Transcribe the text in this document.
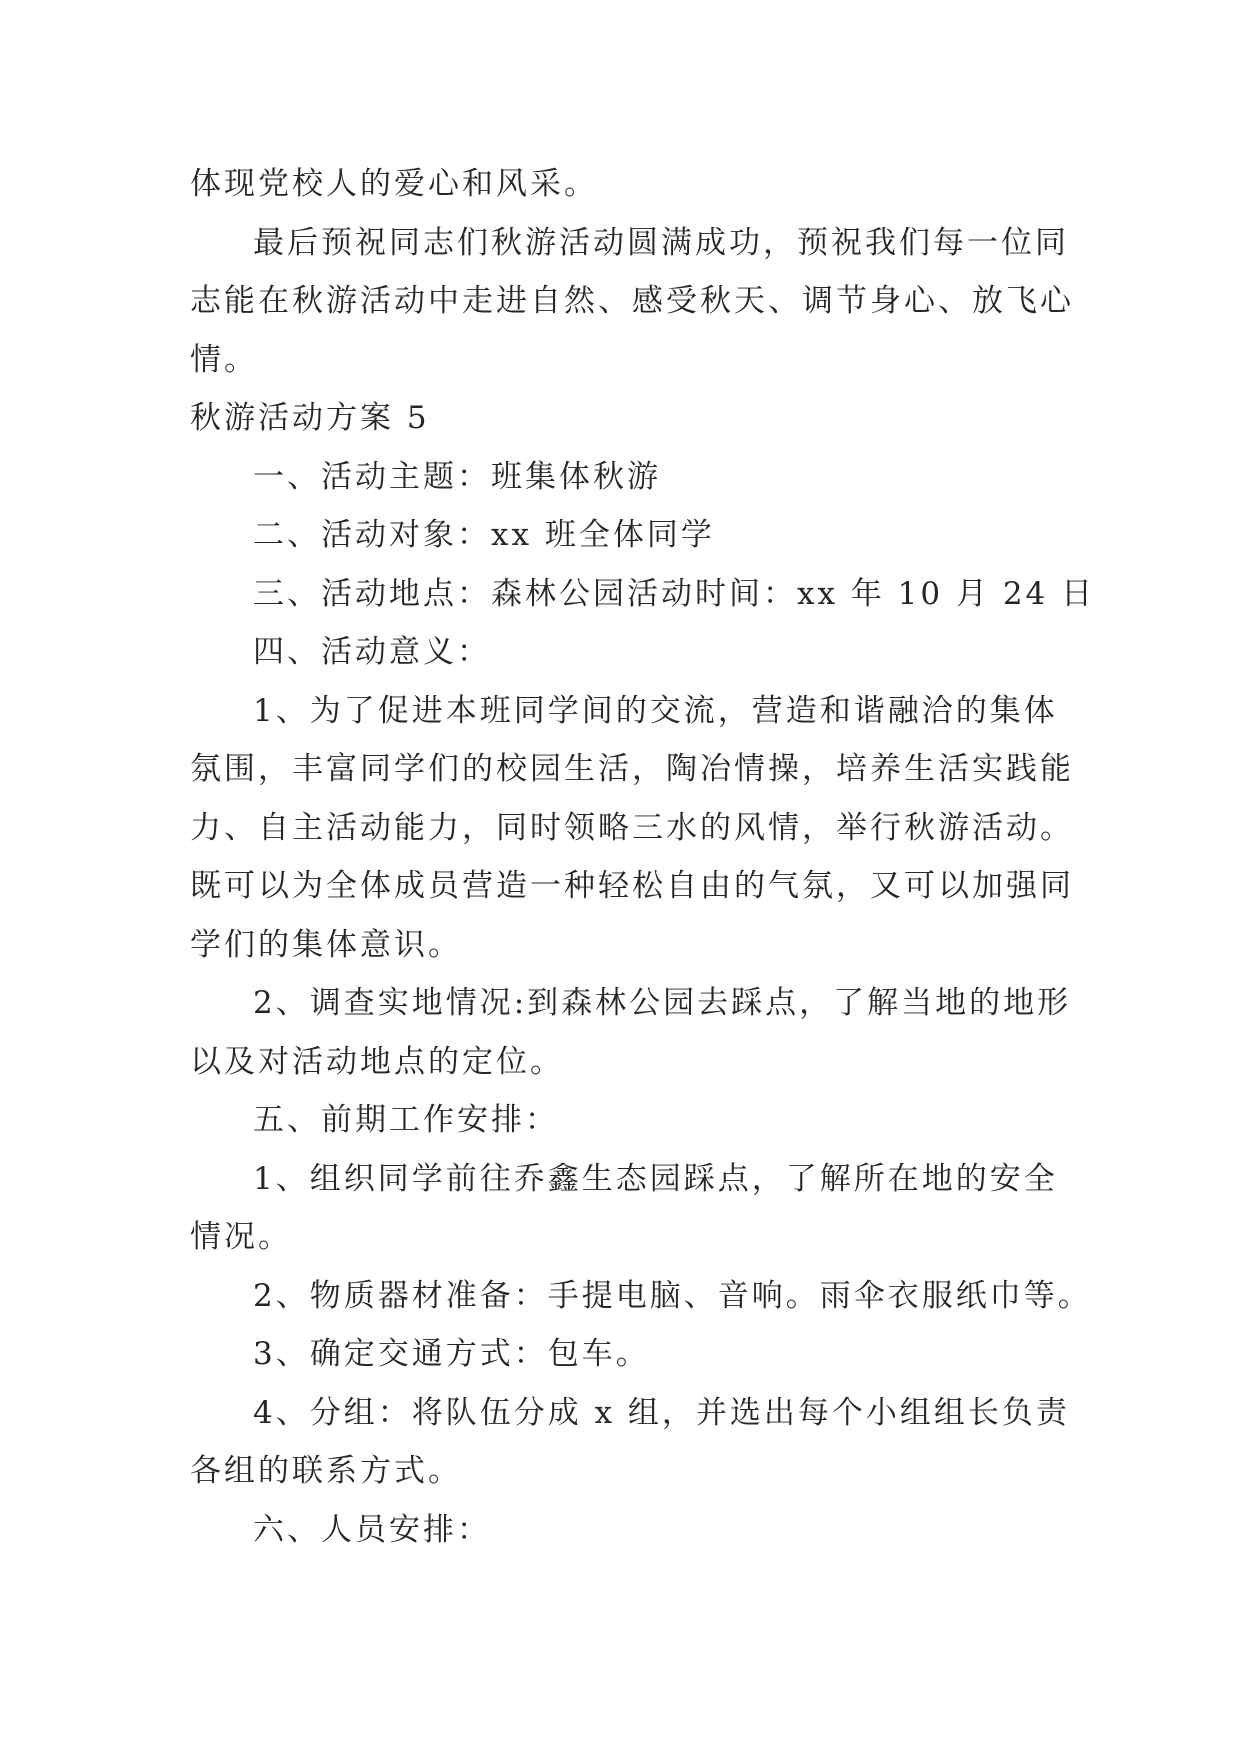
体现党校人的爱心和风采。

最后预祝同志们秋游活动圆满成功，预祝我们每一位同

志能在秋游活动中走进自然、感受秋天、调节身心、放飞心

情。

秋游活动方案 5

一、活动主题：班集体秋游

二、活动对象：xx 班全体同学

三、活动地点：森林公园活动时间：xx 年 10 月 24 日

四、活动意义：

1、为了促进本班同学间的交流，营造和谐融洽的集体

氛围，丰富同学们的校园生活，陶冶情操，培养生活实践能

力、自主活动能力，同时领略三水的风情，举行秋游活动。

既可以为全体成员营造一种轻松自由的气氛，又可以加强同

学们的集体意识。

2、调查实地情况:到森林公园去踩点，了解当地的地形

以及对活动地点的定位。

五、前期工作安排：

1、组织同学前往乔鑫生态园踩点，了解所在地的安全

情况。

2、物质器材准备：手提电脑、音响。雨伞衣服纸巾等。

3、确定交通方式：包车。

4、分组：将队伍分成 x 组，并选出每个小组组长负责

各组的联系方式。

六、人员安排：
